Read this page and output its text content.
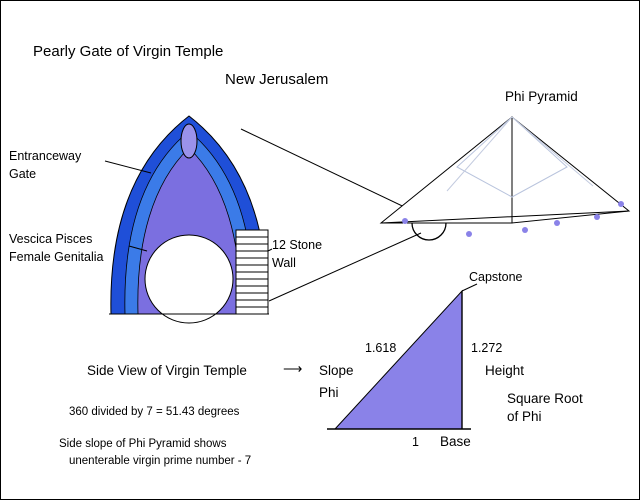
Pearly Gate of Virgin Temple
New Jerusalem
Phi Pyramid
Entranceway
Gate
Vescica Pisces
Female Genitalia
12 Stone
Wall
Capstone
Side View of Virgin Temple	⟶
1.618
Slope
Phi
1.272
Height
Square Root
of Phi
1 Base
360 divided by 7 = 51.43 degrees
Side slope of Phi Pyramid shows
unenterable virgin prime number - 7
